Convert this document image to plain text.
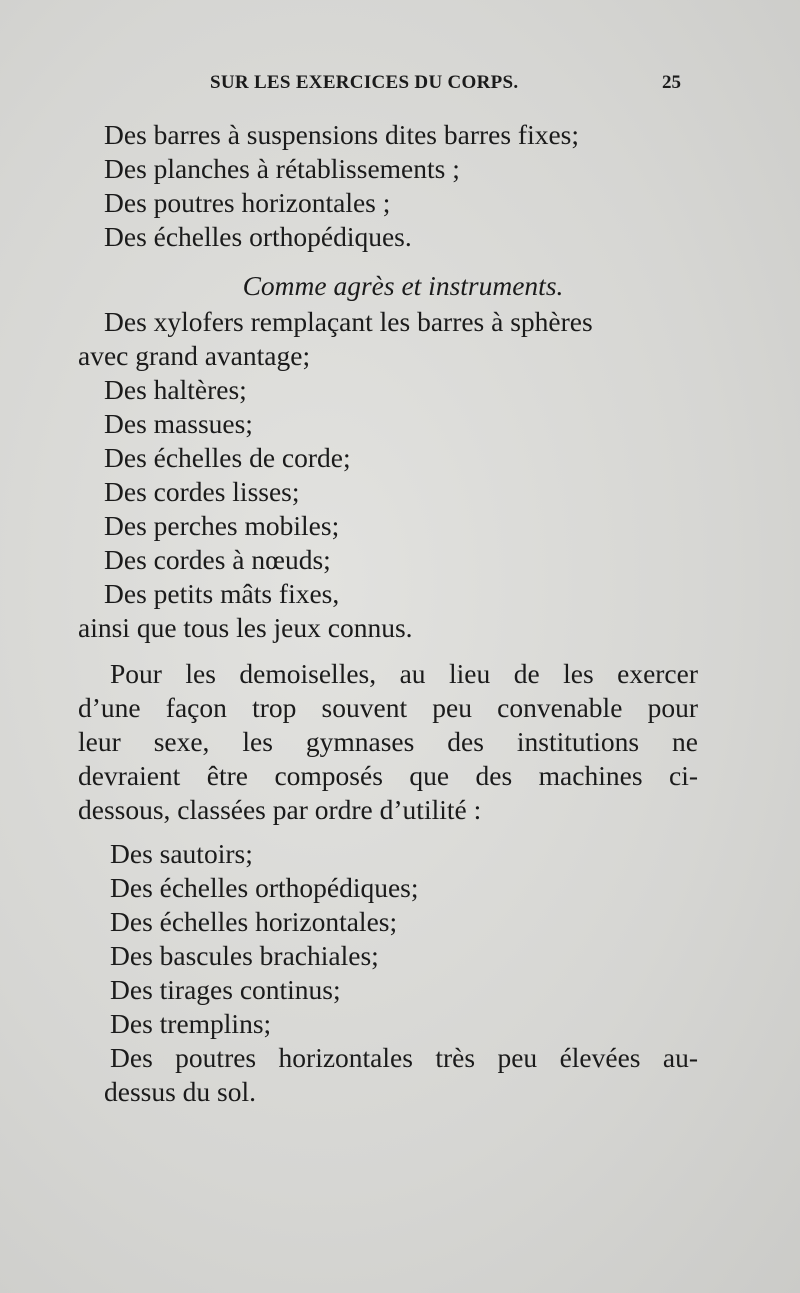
SUR LES EXERCICES DU CORPS.	25
Des barres à suspensions dites barres fixes;
Des planches à rétablissements ;
Des poutres horizontales ;
Des échelles orthopédiques.
Comme agrès et instruments.
Des xylofers remplaçant les barres à sphères
avec grand avantage;
Des haltères;
Des massues;
Des échelles de corde;
Des cordes lisses;
Des perches mobiles;
Des cordes à nœuds;
Des petits mâts fixes,
ainsi que tous les jeux connus.
Pour les demoiselles, au lieu de les exercer
d’une façon trop souvent peu convenable pour
leur sexe, les gymnases des institutions ne
devraient être composés que des machines ci-
dessous, classées par ordre d’utilité :
Des sautoirs;
Des échelles orthopédiques;
Des échelles horizontales;
Des bascules brachiales;
Des tirages continus;
Des tremplins;
Des poutres horizontales très peu élevées au-
dessus du sol.
